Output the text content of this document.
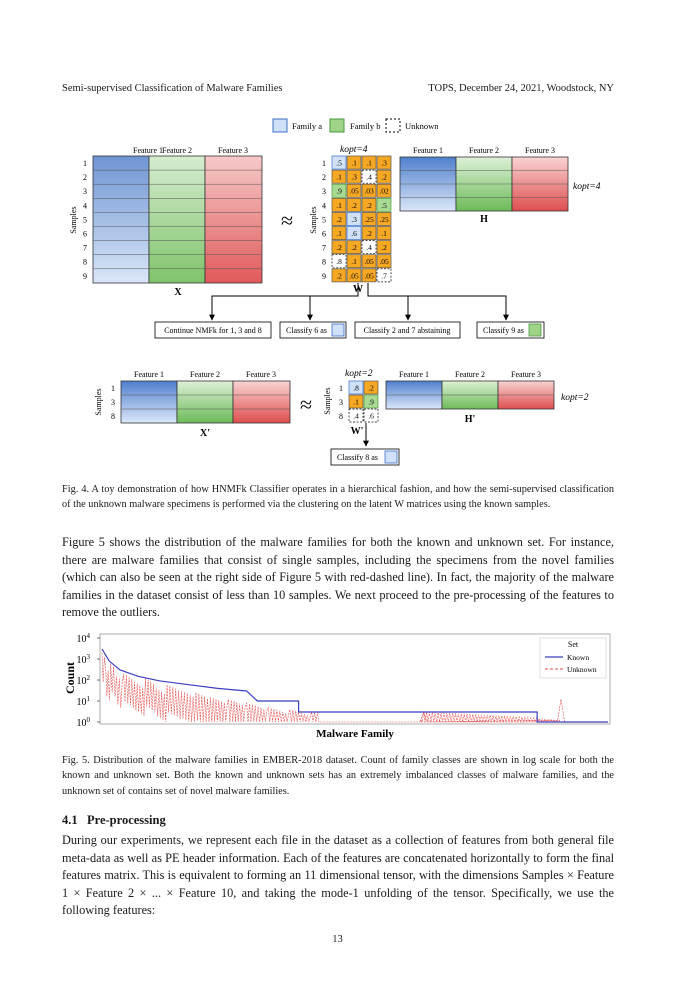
Semi-supervised Classification of Malware Families	TOPS, December 24, 2021, Woodstock, NY
Family a	Family b	Unknown
Feature 1 Feature 2	Feature 3
1
2
3
4
5
6
7
8
9
Samples
X
≈ Samples
1
2
3
4
5
6
7
8
9
.5 .1 .1 .3
.1 .3 .4 .2
.9 .05 .03 .02
.1 .2 .2 .5
.2 .3 .25 .25
.1 .6 .2 .1
.2 .2 .4 .2
.8 .1 .05 .05
.2 .05 .05 .7
kopt=4
W
Feature 1	Feature 2	Feature 3
kopt=4
H
Continue NMFk for 1, 3 and 8	Classify 6 as	Classify 2 and 7 abstaining	Classify 9 as
Feature 1	Feature 2	Feature 3
1
3
8
Samples
X'
≈ Samples 1
3
8
.8 .2
.1 .9
.4 .6
kopt=2
W'
Feature 1	Feature 2	Feature 3
kopt=2
H'
Classify 8 as
Fig. 4. A toy demonstration of how HNMFk Classifier operates in a hierarchical fashion, and how the semi-supervised classification of the unknown malware specimens is performed via the clustering on the latent W matrices using the known samples.
Figure 5 shows the distribution of the malware families for both the known and unknown set. For instance, there are malware families that consist of single samples, including the specimens from the novel families (which can also be seen at the right side of Figure 5 with red-dashed line). In fact, the majority of the malware families in the dataset consist of less than 10 samples. We next proceed to the pre-processing of the features to remove the outliers.
$10^0$
$10^1$
$10^2$
$10^3$
$10^4$
Count
Malware Family
Set
Known
Unknown
Fig. 5. Distribution of the malware families in EMBER-2018 dataset. Count of family classes are shown in log scale for both the known and unknown set. Both the known and unknown sets has an extremely imbalanced classes of malware families, and the unknown set of contains set of novel malware families.
4.1 Pre-processing
During our experiments, we represent each file in the dataset as a collection of features from both general file meta-data as well as PE header information. Each of the features are concatenated horizontally to form the final features matrix. This is equivalent to forming an 11 dimensional tensor, with the dimensions Samples × Feature 1 × Feature 2 × ... × Feature 10, and taking the mode-1 unfolding of the tensor. Specifically, we use the following features:
13
